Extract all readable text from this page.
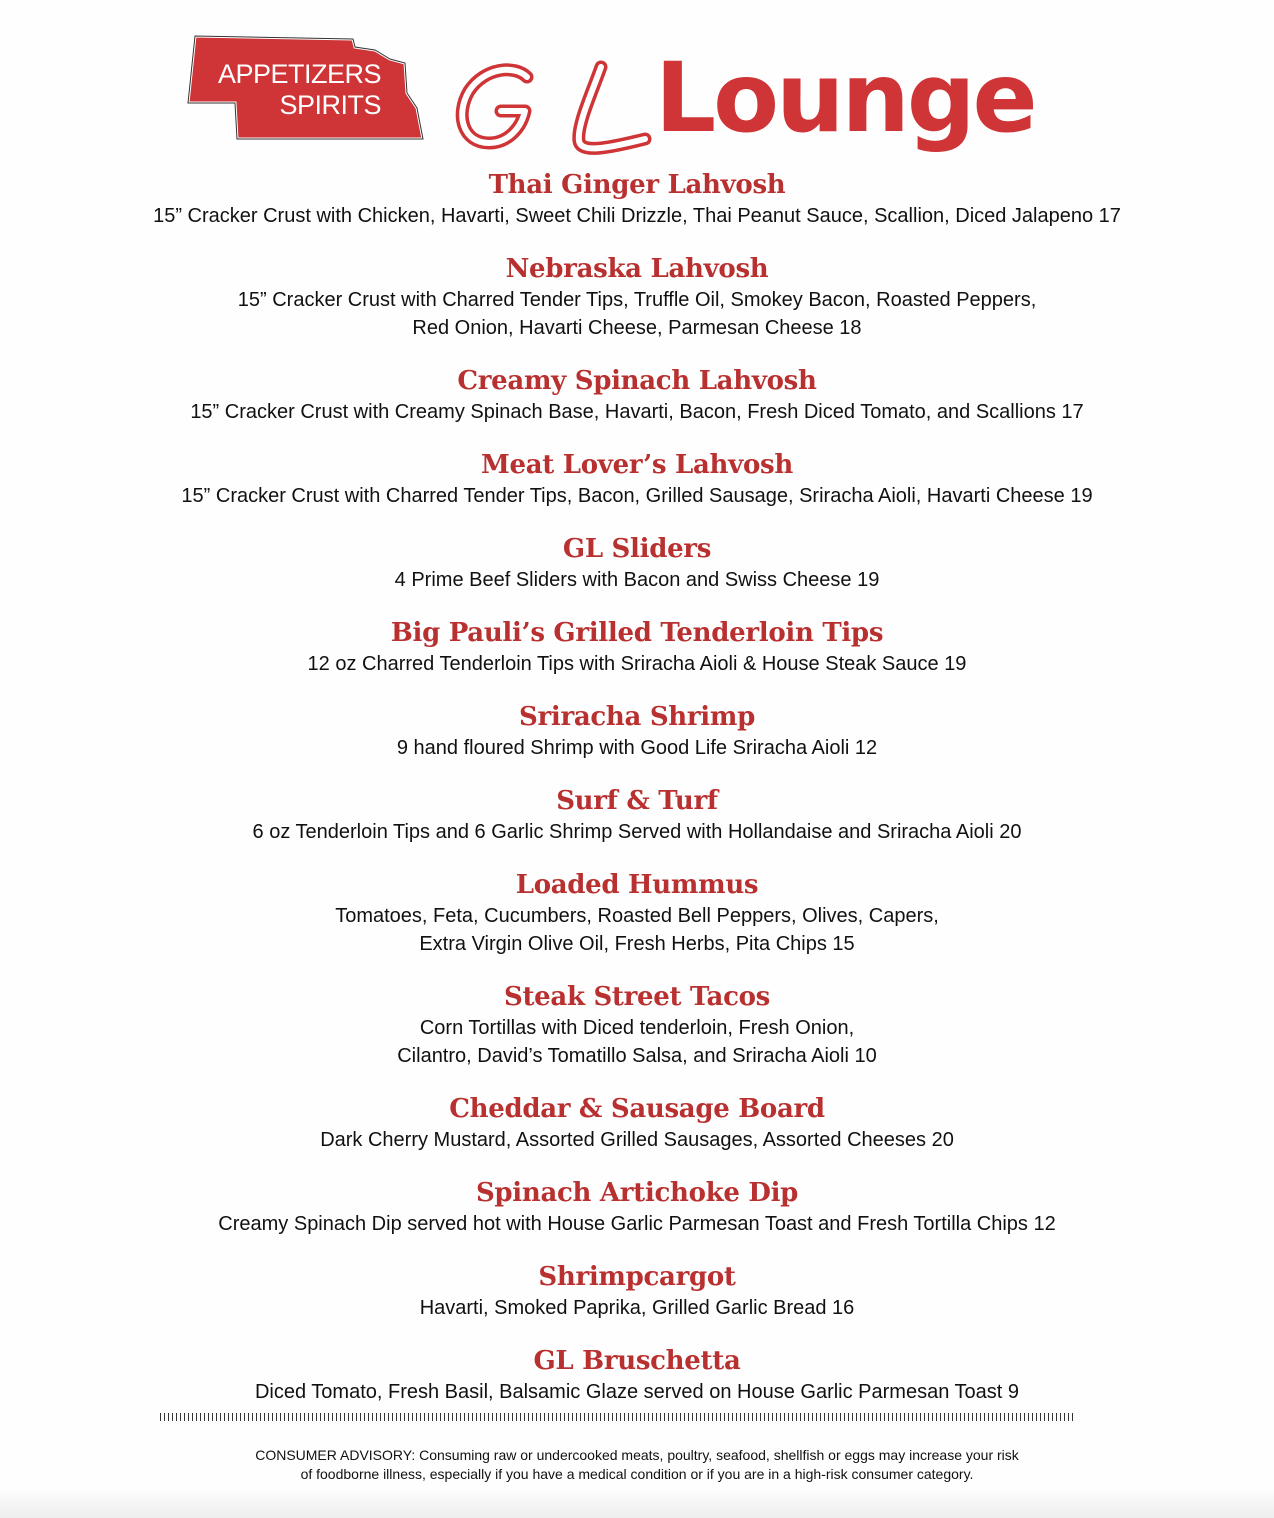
APPETIZERS
SPIRITS	Lounge
Thai Ginger Lahvosh
15” Cracker Crust with Chicken, Havarti, Sweet Chili Drizzle, Thai Peanut Sauce, Scallion, Diced Jalapeno 17
Nebraska Lahvosh
15” Cracker Crust with Charred Tender Tips, Truffle Oil, Smokey Bacon, Roasted Peppers,
Red Onion, Havarti Cheese, Parmesan Cheese 18
Creamy Spinach Lahvosh
15” Cracker Crust with Creamy Spinach Base, Havarti, Bacon, Fresh Diced Tomato, and Scallions 17
Meat Lover’s Lahvosh
15” Cracker Crust with Charred Tender Tips, Bacon, Grilled Sausage, Sriracha Aioli, Havarti Cheese 19
GL Sliders
4 Prime Beef Sliders with Bacon and Swiss Cheese 19
Big Pauli’s Grilled Tenderloin Tips
12 oz Charred Tenderloin Tips with Sriracha Aioli & House Steak Sauce 19
Sriracha Shrimp
9 hand floured Shrimp with Good Life Sriracha Aioli 12
Surf & Turf
6 oz Tenderloin Tips and 6 Garlic Shrimp Served with Hollandaise and Sriracha Aioli 20
Loaded Hummus
Tomatoes, Feta, Cucumbers, Roasted Bell Peppers, Olives, Capers,
Extra Virgin Olive Oil, Fresh Herbs, Pita Chips 15
Steak Street Tacos
Corn Tortillas with Diced tenderloin, Fresh Onion,
Cilantro, David’s Tomatillo Salsa, and Sriracha Aioli 10
Cheddar & Sausage Board
Dark Cherry Mustard, Assorted Grilled Sausages, Assorted Cheeses 20
Spinach Artichoke Dip
Creamy Spinach Dip served hot with House Garlic Parmesan Toast and Fresh Tortilla Chips 12
Shrimpcargot
Havarti, Smoked Paprika, Grilled Garlic Bread 16
GL Bruschetta
Diced Tomato, Fresh Basil, Balsamic Glaze served on House Garlic Parmesan Toast 9
CONSUMER ADVISORY: Consuming raw or undercooked meats, poultry, seafood, shellfish or eggs may increase your risk
of foodborne illness, especially if you have a medical condition or if you are in a high-risk consumer category.
